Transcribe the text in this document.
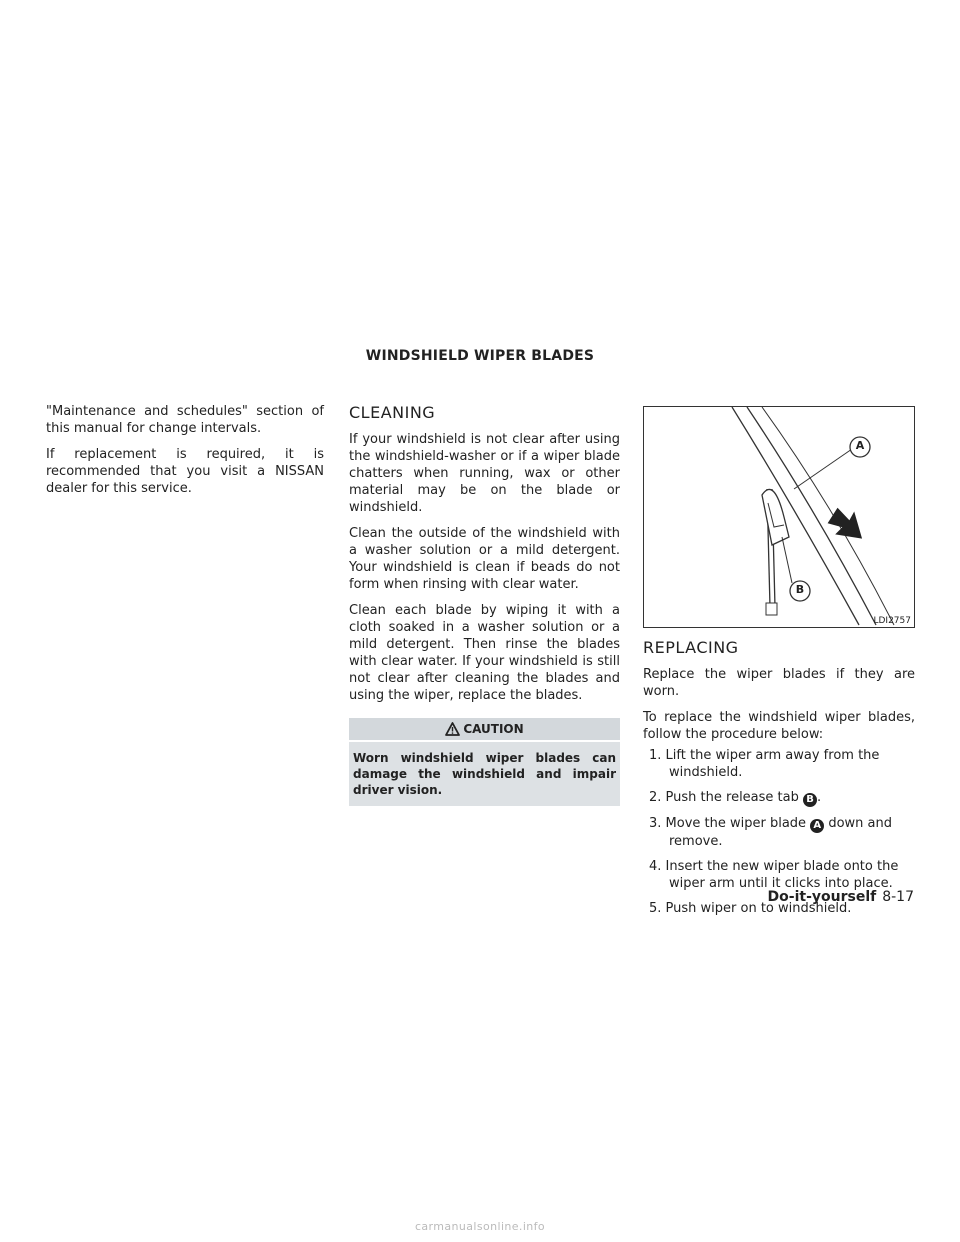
WINDSHIELD WIPER BLADES

"Maintenance and schedules" section of this manual for change intervals.

If replacement is required, it is recommended that you visit a NISSAN dealer for this service.

CLEANING

If your windshield is not clear after using the windshield-washer or if a wiper blade chatters when running, wax or other material may be on the blade or windshield.

Clean the outside of the windshield with a washer solution or a mild detergent. Your windshield is clean if beads do not form when rinsing with clear water.

Clean each blade by wiping it with a cloth soaked in a washer solution or a mild detergent. Then rinse the blades with clear water. If your windshield is still not clear after cleaning the blades and using the wiper, replace the blades.

CAUTION
Worn windshield wiper blades can damage the windshield and impair driver vision.
A
B
LDI2757
REPLACING

Replace the wiper blades if they are worn.

To replace the windshield wiper blades, follow the procedure below:

1. Lift the wiper arm away from the windshield.
2. Push the release tab B .
3. Move the wiper blade A down and remove.
4. Insert the new wiper blade onto the wiper arm until it clicks into place.
5. Push wiper on to windshield.
Do-it-yourself 8-17
carmanualsonline.info
